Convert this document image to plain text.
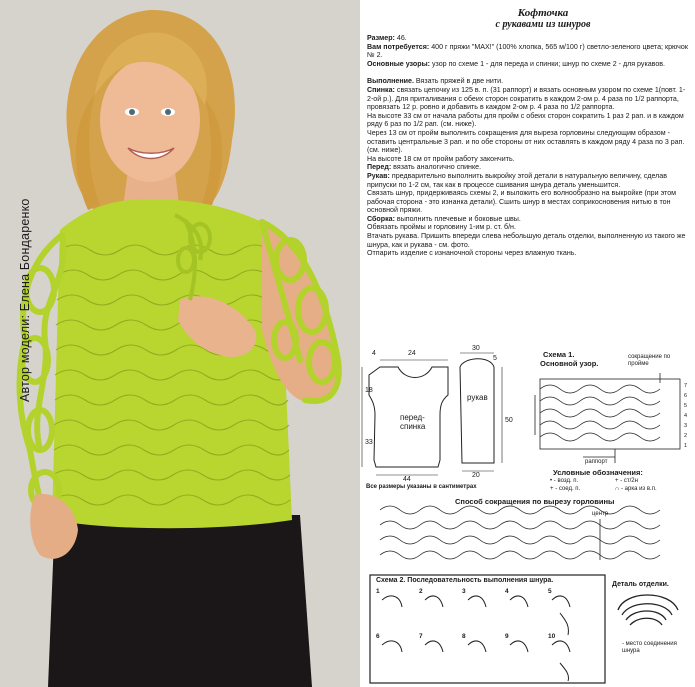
Автор модели: Елена Бондаренко
Кофточка
с рукавами из шнуров

Размер: 46.

Вам потребуется: 400 г пряжи "МАХ!" (100% хлопка, 565 м/100 г) светло-зеленого цвета; крючок № 2.

Основные узоры: узор по схеме 1 - для переда и спинки; шнур по схеме 2 - для рукавов.

Выполнение. Вязать пряжей в две нити.

Спинка: связать цепочку из 125 в. п. (31 раппорт) и вязать основным узором по схеме 1(повт. 1-2-ой р.). Для приталивания с обеих сторон сократить в каждом 2-ом р. 4 раза по 1/2 раппорта, провязать 12 р. ровно и добавить в каждом 2-ом р. 4 раза по 1/2 раппорта.

На высоте 33 см от начала работы для пройм с обеих сторон сократить 1 раз 2 рап. и в каждом ряду 6 раз по 1/2 рап. (см. ниже).

Через 13 см от пройм выполнить сокращения для выреза горловины следующим образом - оставить центральные 3 рап. и по обе стороны от них оставлять в каждом ряду 4 раза по 3 рап. (см. ниже).

На высоте 18 см от пройм работу закончить.

Перед: вязать аналогично спинке.

Рукав: предварительно выполнить выкройку этой детали в натуральную величину, сделав припуски по 1-2 см, так как в процессе сшивания шнура деталь уменьшится.

Связать шнур, придерживаясь схемы 2, и выложить его волнообразно на выкройке (при этом рабочая сторона - это изнанка детали). Сшить шнур в местах соприкосновения нитью в тон основной пряжи.

Сборка: выполнить плечевые и боковые швы.

Обвязать проймы и горловину 1-им р. ст. б/н.

Втачать рукава. Пришить впереди слева небольшую деталь отделки, выполненную из такого же шнура, как и рукава - см. фото.

Отпарить изделие с изнаночной стороны через влажную ткань.

4	24
30
18
33
44
5
50
20
перед-спинка
рукав
Все размеры указаны в сантиметрах
Схема 1.
Основной узор.
сокращение по пройме
раппорт
Условные обозначения:
• - возд. п.	+ - ст/2н
+ - соед. п.	∩ - арка из в.п.
Способ сокращения по вырезу горловины
центр
Схема 2. Последовательность выполнения шнура.
Деталь отделки.
- место соединения шнура
7
6
5
4
3
2
1
1	2	3	4	5
6	7	8	9	10
